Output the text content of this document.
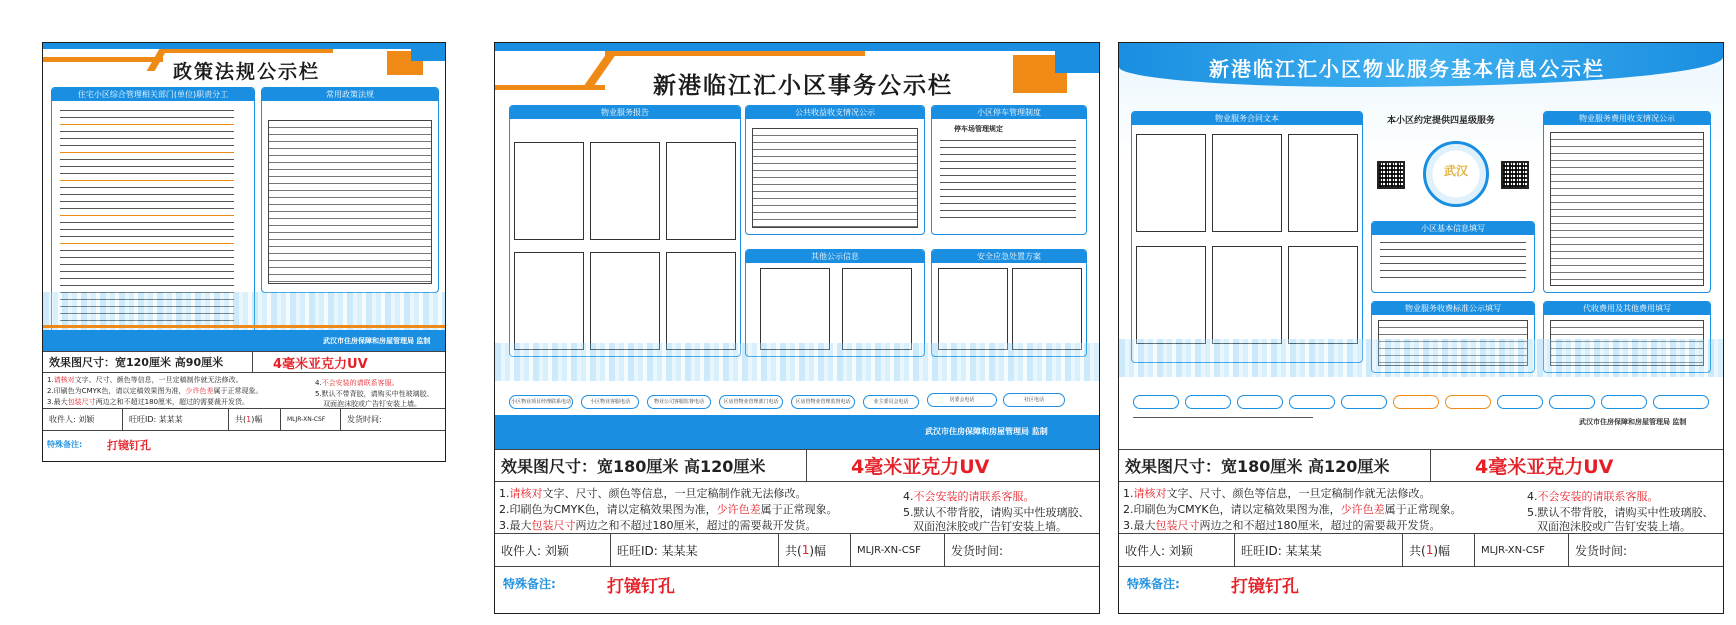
政策法规公示栏
住宅小区综合管理相关部门(单位)职责分工	常用政策法规
武汉市住房保障和房屋管理局 监制
效果图尺寸：宽120厘米 高90厘米	4毫米亚克力UV
1.请核对文字、尺寸、颜色等信息，一旦定稿制作就无法修改。
2.印刷色为CMYK色，请以定稿效果图为准，少许色差属于正常现象。
3.最大包装尺寸两边之和不超过180厘米，超过的需要裁开发货。
4.不会安装的请联系客服。
5.默认不带背胶，请购买中性玻璃胶、
双面泡沫胶或广告钉安装上墙。
收件人: 刘颖	旺旺ID: 某某某	共( 1 )幅	MLJR-XN-CSF	发货时间:
特殊备注: 打镜钉孔
新港临江汇小区事务公示栏
物业服务报告	公共收益收支情况公示	小区停车管理制度
停车场管理规定
其他公示信息	安全应急处置方案
小区物业项目经理联系电话	小区物业客服电话	物业公司客服监督电话	区房管物业管理部门电话	区房管物业管理监督电话	业主委员会电话	居委会电话	社区电话
武汉市住房保障和房屋管理局 监制
效果图尺寸：宽180厘米 高120厘米	4毫米亚克力UV
1.请核对文字、尺寸、颜色等信息，一旦定稿制作就无法修改。
2.印刷色为CMYK色，请以定稿效果图为准，少许色差属于正常现象。
3.最大包装尺寸两边之和不超过180厘米，超过的需要裁开发货。
4.不会安装的请联系客服。
5.默认不带背胶，请购买中性玻璃胶、
双面泡沫胶或广告钉安装上墙。
收件人: 刘颖	旺旺ID: 某某某	共( 1 )幅	MLJR-XN-CSF	发货时间:
特殊备注:	打镜钉孔
新港临江汇小区物业服务基本信息公示栏
物业服务合同文本	本小区约定提供四星级服务
武汉
小区基本信息填写
物业服务收费标准公示填写
物业服务费用收支情况公示
代收费用及其他费用填写
武汉市住房保障和房屋管理局 监制
效果图尺寸：宽180厘米 高120厘米	4毫米亚克力UV
1.请核对文字、尺寸、颜色等信息，一旦定稿制作就无法修改。
2.印刷色为CMYK色，请以定稿效果图为准，少许色差属于正常现象。
3.最大包装尺寸两边之和不超过180厘米，超过的需要裁开发货。
4.不会安装的请联系客服。
5.默认不带背胶，请购买中性玻璃胶、
双面泡沫胶或广告钉安装上墙。
收件人: 刘颖	旺旺ID: 某某某	共( 1 )幅	MLJR-XN-CSF	发货时间:
特殊备注:	打镜钉孔
